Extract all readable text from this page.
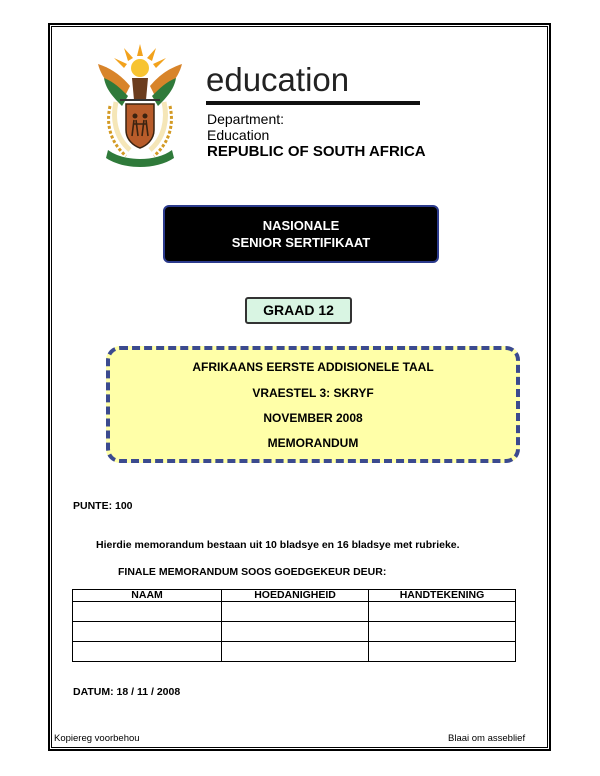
education
Department:
Education
REPUBLIC OF SOUTH AFRICA
NASIONALE
SENIOR SERTIFIKAAT
GRAAD 12
AFRIKAANS EERSTE ADDISIONELE TAAL
VRAESTEL 3: SKRYF
NOVEMBER 2008
MEMORANDUM
PUNTE: 100
Hierdie memorandum bestaan uit 10 bladsye en 16 bladsye met rubrieke.
FINALE MEMORANDUM SOOS GOEDGEKEUR DEUR:
NAAM	HOEDANIGHEID	HANDTEKENING

DATUM: 18 / 11 / 2008
Kopiereg voorbehou	Blaai om asseblief
